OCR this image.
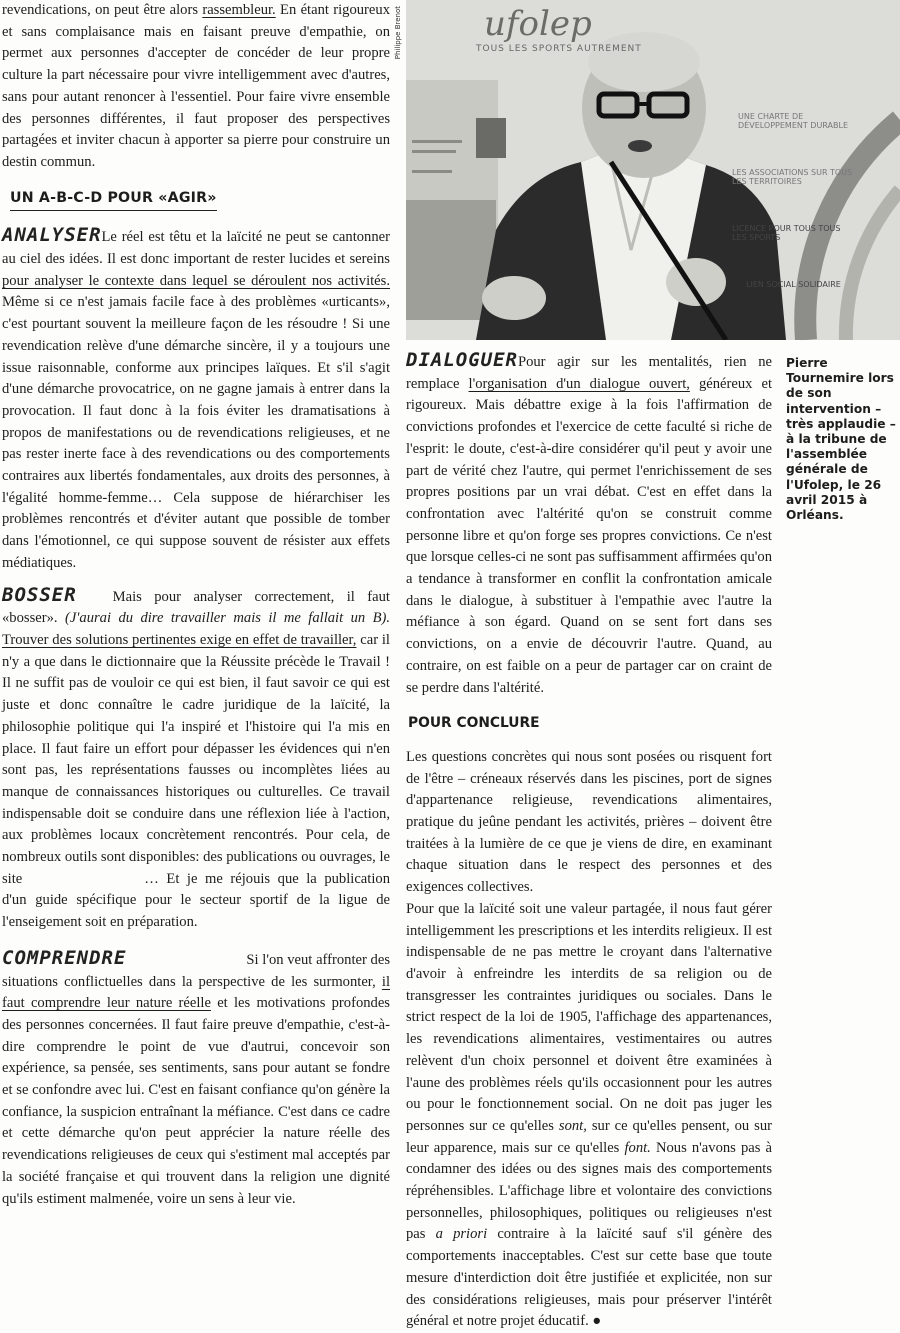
revendications, on peut être alors rassembleur. En étant rigoureux et sans complaisance mais en faisant preuve d'empathie, on permet aux personnes d'accepter de concéder de leur propre culture la part nécessaire pour vivre intelligemment avec d'autres, sans pour autant renoncer à l'essentiel. Pour faire vivre ensemble des personnes différentes, il faut proposer des perspectives partagées et inviter chacun à apporter sa pierre pour construire un destin commun.

UN A-B-C-D POUR «AGIR»

ANALYSERLe réel est têtu et la laïcité ne peut se cantonner au ciel des idées. Il est donc important de rester lucides et sereins pour analyser le contexte dans lequel se déroulent nos activités. Même si ce n'est jamais facile face à des problèmes «urticants», c'est pourtant souvent la meilleure façon de les résoudre ! Si une revendication relève d'une démarche sincère, il y a toujours une issue raisonnable, conforme aux principes laïques. Et s'il s'agit d'une démarche provocatrice, on ne gagne jamais à entrer dans la provocation. Il faut donc à la fois éviter les dramatisations à propos de manifestations ou de revendications religieuses, et ne pas rester inerte face à des revendications ou des comportements contraires aux libertés fondamentales, aux droits des personnes, à l'égalité homme-femme… Cela suppose de hiérarchiser les problèmes rencontrés et d'éviter autant que possible de tomber dans l'émotionnel, ce qui suppose souvent de résister aux effets médiatiques.

BOSSER Mais pour analyser correctement, il faut «bosser». (J'aurai du dire travailler mais il me fallait un B). Trouver des solutions pertinentes exige en effet de travailler, car il n'y a que dans le dictionnaire que la Réussite précède le Travail ! Il ne suffit pas de vouloir ce qui est bien, il faut savoir ce qui est juste et donc connaître le cadre juridique de la laïcité, la philosophie politique qui l'a inspiré et l'histoire qui l'a mis en place. Il faut faire un effort pour dépasser les évidences qui n'en sont pas, les représentations fausses ou incomplètes liées au manque de connaissances historiques ou culturelles. Ce travail indispensable doit se conduire dans une réflexion liée à l'action, aux problèmes locaux concrètement rencontrés. Pour cela, de nombreux outils sont disponibles: des publications ou ouvrages, le site	… Et je me réjouis que la publication d'un guide spécifique pour le secteur sportif de la ligue de l'enseigement soit en préparation.

COMPRENDRE	Si l'on veut affronter des situations conflictuelles dans la perspective de les surmonter, il faut comprendre leur nature réelle et les motivations profondes des personnes concernées. Il faut faire preuve d'empathie, c'est-à-dire comprendre le point de vue d'autrui, concevoir son expérience, sa pensée, ses sentiments, sans pour autant se fondre et se confondre avec lui. C'est en faisant confiance qu'on génère la confiance, la suspicion entraînant la méfiance. C'est dans ce cadre et cette démarche qu'on peut apprécier la nature réelle des revendications religieuses de ceux qui s'estiment mal acceptés par la société française et qui trouvent dans la religion une dignité qu'ils estiment malmenée, voire un sens à leur vie.

Philippe Brenot ufolep
TOUS LES SPORTS AUTREMENT
UNE CHARTE DE DÉVELOPPEMENT DURABLE
LES ASSOCIATIONS SUR TOUS LES TERRITOIRES
LICENCE POUR TOUS TOUS LES SPORTS
LIEN SOCIAL SOLIDAIRE
Pierre Tournemire lors de son intervention – très applaudie – à la tribune de l'assemblée générale de l'Ufolep, le 26 avril 2015 à Orléans.

DIALOGUERPour agir sur les mentalités, rien ne remplace l'organisation d'un dialogue ouvert, généreux et rigoureux. Mais débattre exige à la fois l'affirmation de convictions profondes et l'exercice de cette faculté si riche de l'esprit: le doute, c'est-à-dire considérer qu'il peut y avoir une part de vérité chez l'autre, qui permet l'enrichissement de ses propres positions par un vrai débat. C'est en effet dans la confrontation avec l'altérité qu'on se construit comme personne libre et qu'on forge ses propres convictions. Ce n'est que lorsque celles-ci ne sont pas suffisamment affirmées qu'on a tendance à transformer en conflit la confrontation amicale dans le dialogue, à substituer à l'empathie avec l'autre la méfiance à son égard. Quand on se sent fort dans ses convictions, on a envie de découvrir l'autre. Quand, au contraire, on est faible on a peur de partager car on craint de se perdre dans l'altérité.

POUR CONCLURE

Les questions concrètes qui nous sont posées ou risquent fort de l'être – créneaux réservés dans les piscines, port de signes d'appartenance religieuse, revendications alimentaires, pratique du jeûne pendant les activités, prières – doivent être traitées à la lumière de ce que je viens de dire, en examinant chaque situation dans le respect des personnes et des exigences collectives.

Pour que la laïcité soit une valeur partagée, il nous faut gérer intelligemment les prescriptions et les interdits religieux. Il est indispensable de ne pas mettre le croyant dans l'alternative d'avoir à enfreindre les interdits de sa religion ou de transgresser les contraintes juridiques ou sociales. Dans le strict respect de la loi de 1905, l'affichage des appartenances, les revendications alimentaires, vestimentaires ou autres relèvent d'un choix personnel et doivent être examinées à l'aune des problèmes réels qu'ils occasionnent pour les autres ou pour le fonctionnement social. On ne doit pas juger les personnes sur ce qu'elles sont, sur ce qu'elles pensent, ou sur leur apparence, mais sur ce qu'elles font. Nous n'avons pas à condamner des idées ou des signes mais des comportements répréhensibles. L'affichage libre et volontaire des convictions personnelles, philosophiques, politiques ou religieuses n'est pas a priori contraire à la laïcité sauf s'il génère des comportements inacceptables. C'est sur cette base que toute mesure d'interdiction doit être justifiée et explicitée, non sur des considérations religieuses, mais pour préserver l'intérêt général et notre projet éducatif. ●
